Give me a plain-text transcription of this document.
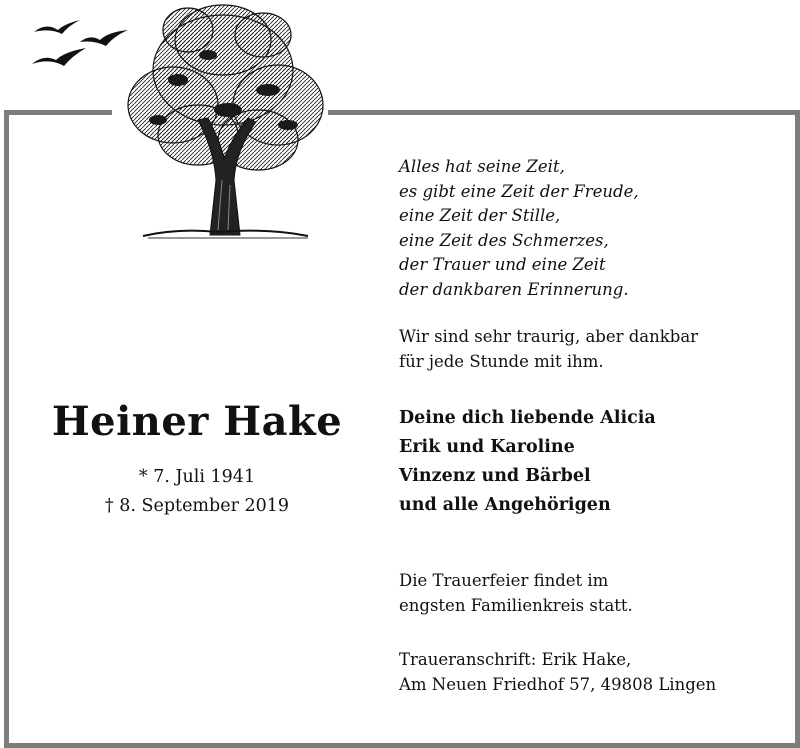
Alles hat seine Zeit,
es gibt eine Zeit der Freude,
eine Zeit der Stille,
eine Zeit des Schmerzes,
der Trauer und eine Zeit
der dankbaren Erinnerung.
Wir sind sehr traurig, aber dankbar
für jede Stunde mit ihm.
Heiner Hake
* 7. Juli 1941
† 8. September 2019
Deine dich liebende Alicia
Erik und Karoline
Vinzenz und Bärbel
und alle Angehörigen
Die Trauerfeier findet im
engsten Familienkreis statt.
Traueranschrift: Erik Hake,
Am Neuen Friedhof 57, 49808 Lingen
